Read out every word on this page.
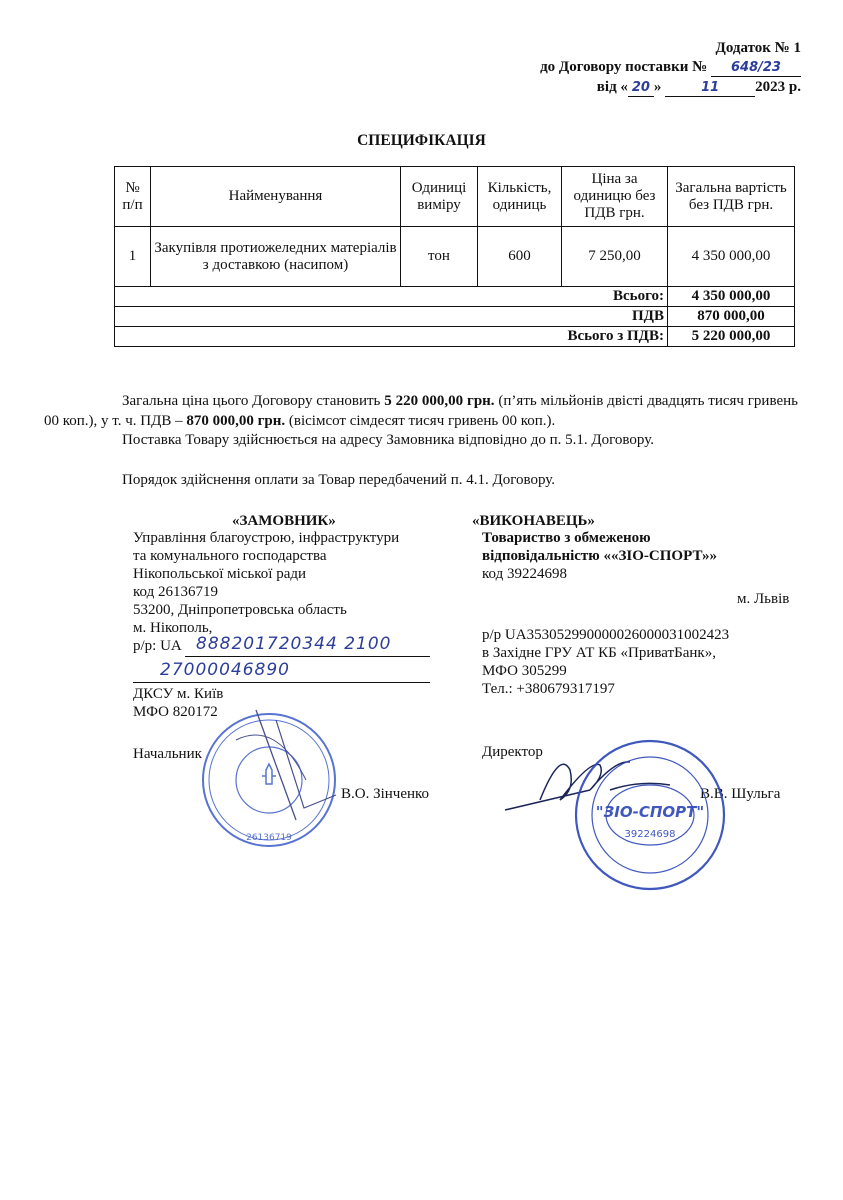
Додаток № 1
до Договору поставки № 648/23
від « 20 »	11 2023 р.
СПЕЦИФІКАЦІЯ
№ п/п	Найменування	Одиниці виміру	Кількість, одиниць	Ціна за одиницю без ПДВ грн.	Загальна вартість без ПДВ грн.
1	Закупівля протиожеледних матеріалів з доставкою (насипом)	тон	600	7 250,00	4 350 000,00
Всього:					4 350 000,00
ПДВ					870 000,00
Всього з ПДВ:					5 220 000,00
Загальна ціна цього Договору становить 5 220 000,00 грн. (п’ять мільйонів двісті двадцять тисяч гривень 00 коп.), у т. ч. ПДВ – 870 000,00 грн. (вісімсот сімдесят тисяч гривень 00 коп.).
Поставка Товару здійснюється на адресу Замовника відповідно до п. 5.1. Договору.
Порядок здійснення оплати за Товар передбачений п. 4.1. Договору.
«ЗАМОВНИК»
Управління благоустрою, інфраструктури
та комунального господарства
Нікопольської міської ради
код 26136719
53200, Дніпропетровська область
м. Нікополь,
р/р: UA 888201720344 2100
27000046890
ДКСУ м. Київ
МФО 820172
Начальник
В.О. Зінченко
26136719
«ВИКОНАВЕЦЬ»
Товариство з обмеженою
відповідальністю ««ЗІО-СПОРТ»»
код 39224698
м. Львів
р/р UA353052990000026000031002423
в Західне ГРУ АТ КБ «ПриватБанк»,
МФО 305299
Тел.: +380679317197
Директор
В.В. Шульга
"ЗІО-СПОРТ"
39224698
